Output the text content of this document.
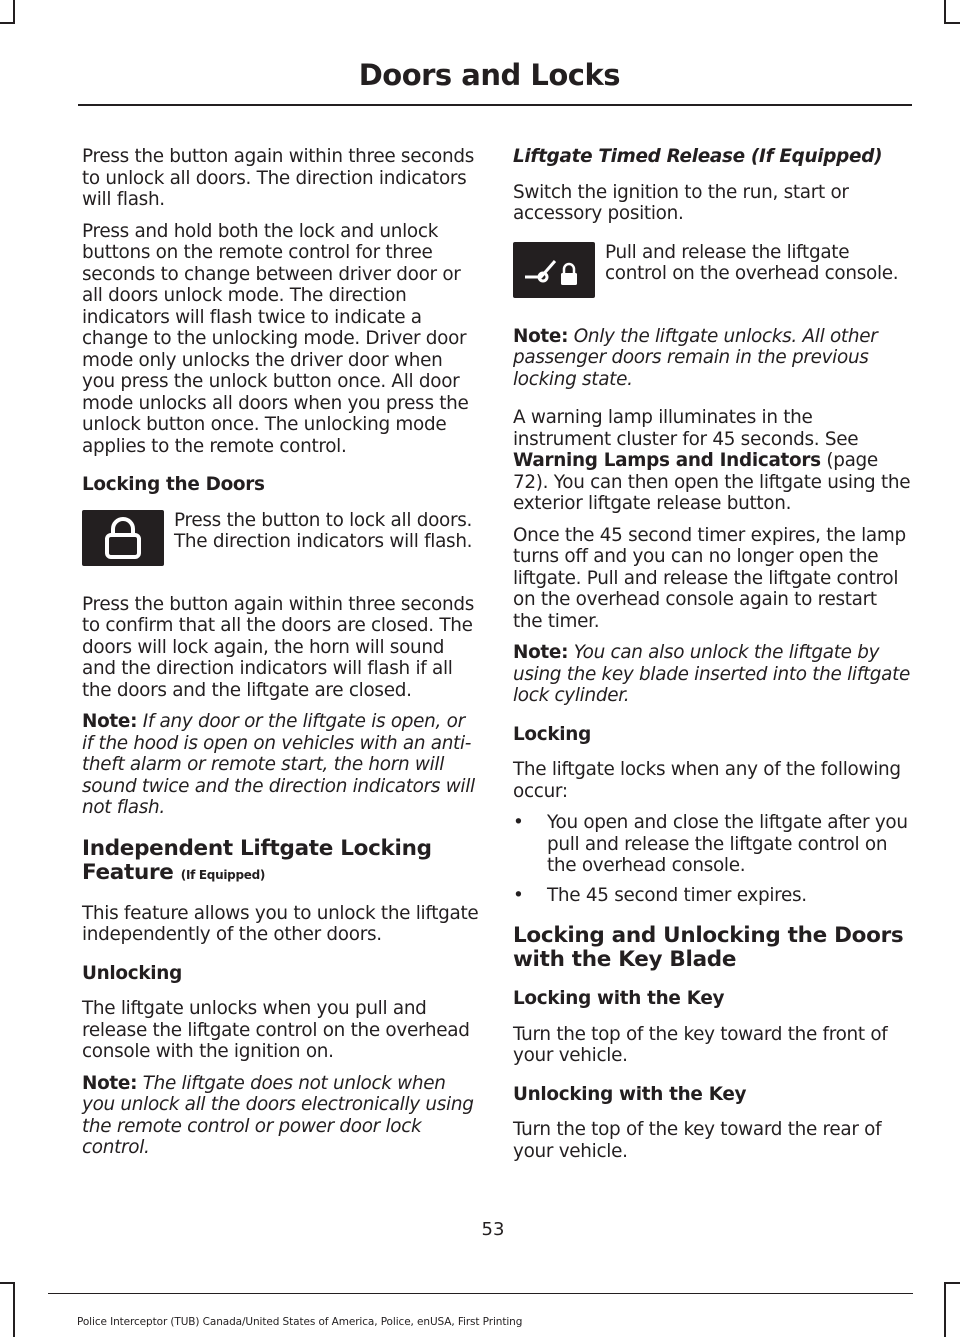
Doors and Locks

Press the button again within three seconds to unlock all doors. The direction indicators will flash.

Press and hold both the lock and unlock buttons on the remote control for three seconds to change between driver door or all doors unlock mode. The direction indicators will flash twice to indicate a change to the unlocking mode. Driver door mode only unlocks the driver door when you press the unlock button once. All door mode unlocks all doors when you press the unlock button once. The unlocking mode applies to the remote control.

Locking the Doors

Press the button to lock all doors. The direction indicators will flash.

Press the button again within three seconds to confirm that all the doors are closed. The doors will lock again, the horn will sound and the direction indicators will flash if all the doors and the liftgate are closed.

Note: If any door or the liftgate is open, or if the hood is open on vehicles with an anti-theft alarm or remote start, the horn will sound twice and the direction indicators will not flash.

Independent Liftgate Locking Feature (If Equipped)

This feature allows you to unlock the liftgate independently of the other doors.

Unlocking

The liftgate unlocks when you pull and release the liftgate control on the overhead console with the ignition on.

Note: The liftgate does not unlock when you unlock all the doors electronically using the remote control or power door lock control.

Liftgate Timed Release (If Equipped)

Switch the ignition to the run, start or accessory position.

Pull and release the liftgate control on the overhead console.

Note: Only the liftgate unlocks. All other passenger doors remain in the previous locking state.

A warning lamp illuminates in the instrument cluster for 45 seconds. See Warning Lamps and Indicators (page 72). You can then open the liftgate using the exterior liftgate release button.

Once the 45 second timer expires, the lamp turns off and you can no longer open the liftgate. Pull and release the liftgate control on the overhead console again to restart the timer.

Note: You can also unlock the liftgate by using the key blade inserted into the liftgate lock cylinder.

Locking

The liftgate locks when any of the following occur:

• You open and close the liftgate after you pull and release the liftgate control on the overhead console.
• The 45 second timer expires.
Locking and Unlocking the Doors with the Key Blade
Locking with the Key

Turn the top of the key toward the front of your vehicle.

Unlocking with the Key

Turn the top of the key toward the rear of your vehicle.

53
Police Interceptor (TUB) Canada/United States of America, Police, enUSA, First Printing
